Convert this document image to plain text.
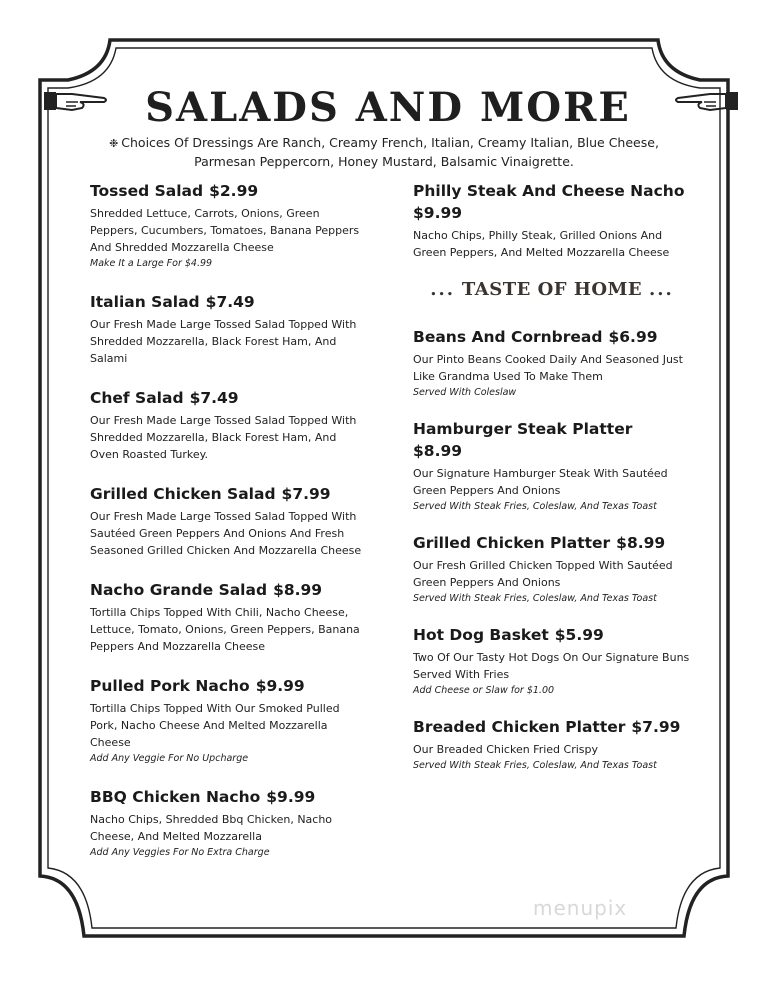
SALADS AND MORE
❉ Choices Of Dressings Are Ranch, Creamy French, Italian, Creamy Italian, Blue Cheese, Parmesan Peppercorn, Honey Mustard, Balsamic Vinaigrette.
Tossed Salad $2.99
Shredded Lettuce, Carrots, Onions, Green Peppers, Cucumbers, Tomatoes, Banana Peppers And Shredded Mozzarella Cheese
Make It a Large For $4.99
Italian Salad $7.49
Our Fresh Made Large Tossed Salad Topped With Shredded Mozzarella, Black Forest Ham, And Salami
Chef Salad $7.49
Our Fresh Made Large Tossed Salad Topped With Shredded Mozzarella, Black Forest Ham, And Oven Roasted Turkey.
Grilled Chicken Salad $7.99
Our Fresh Made Large Tossed Salad Topped With Sautéed Green Peppers And Onions And Fresh Seasoned Grilled Chicken And Mozzarella Cheese
Nacho Grande Salad $8.99
Tortilla Chips Topped With Chili, Nacho Cheese, Lettuce, Tomato, Onions, Green Peppers, Banana Peppers And Mozzarella Cheese
Pulled Pork Nacho $9.99
Tortilla Chips Topped With Our Smoked Pulled Pork, Nacho Cheese And Melted Mozzarella Cheese
Add Any Veggie For No Upcharge
BBQ Chicken Nacho $9.99
Nacho Chips, Shredded Bbq Chicken, Nacho Cheese, And Melted Mozzarella
Add Any Veggies For No Extra Charge
Philly Steak And Cheese Nacho
$9.99
Nacho Chips, Philly Steak, Grilled Onions And Green Peppers, And Melted Mozzarella Cheese
... TASTE OF HOME ...
Beans And Cornbread $6.99
Our Pinto Beans Cooked Daily And Seasoned Just Like Grandma Used To Make Them
Served With Coleslaw
Hamburger Steak Platter
$8.99
Our Signature Hamburger Steak With Sautéed Green Peppers And Onions
Served With Steak Fries, Coleslaw, And Texas Toast
Grilled Chicken Platter $8.99
Our Fresh Grilled Chicken Topped With Sautéed Green Peppers And Onions
Served With Steak Fries, Coleslaw, And Texas Toast
Hot Dog Basket $5.99
Two Of Our Tasty Hot Dogs On Our Signature Buns Served With Fries
Add Cheese or Slaw for $1.00
Breaded Chicken Platter $7.99
Our Breaded Chicken Fried Crispy
Served With Steak Fries, Coleslaw, And Texas Toast
menupix
